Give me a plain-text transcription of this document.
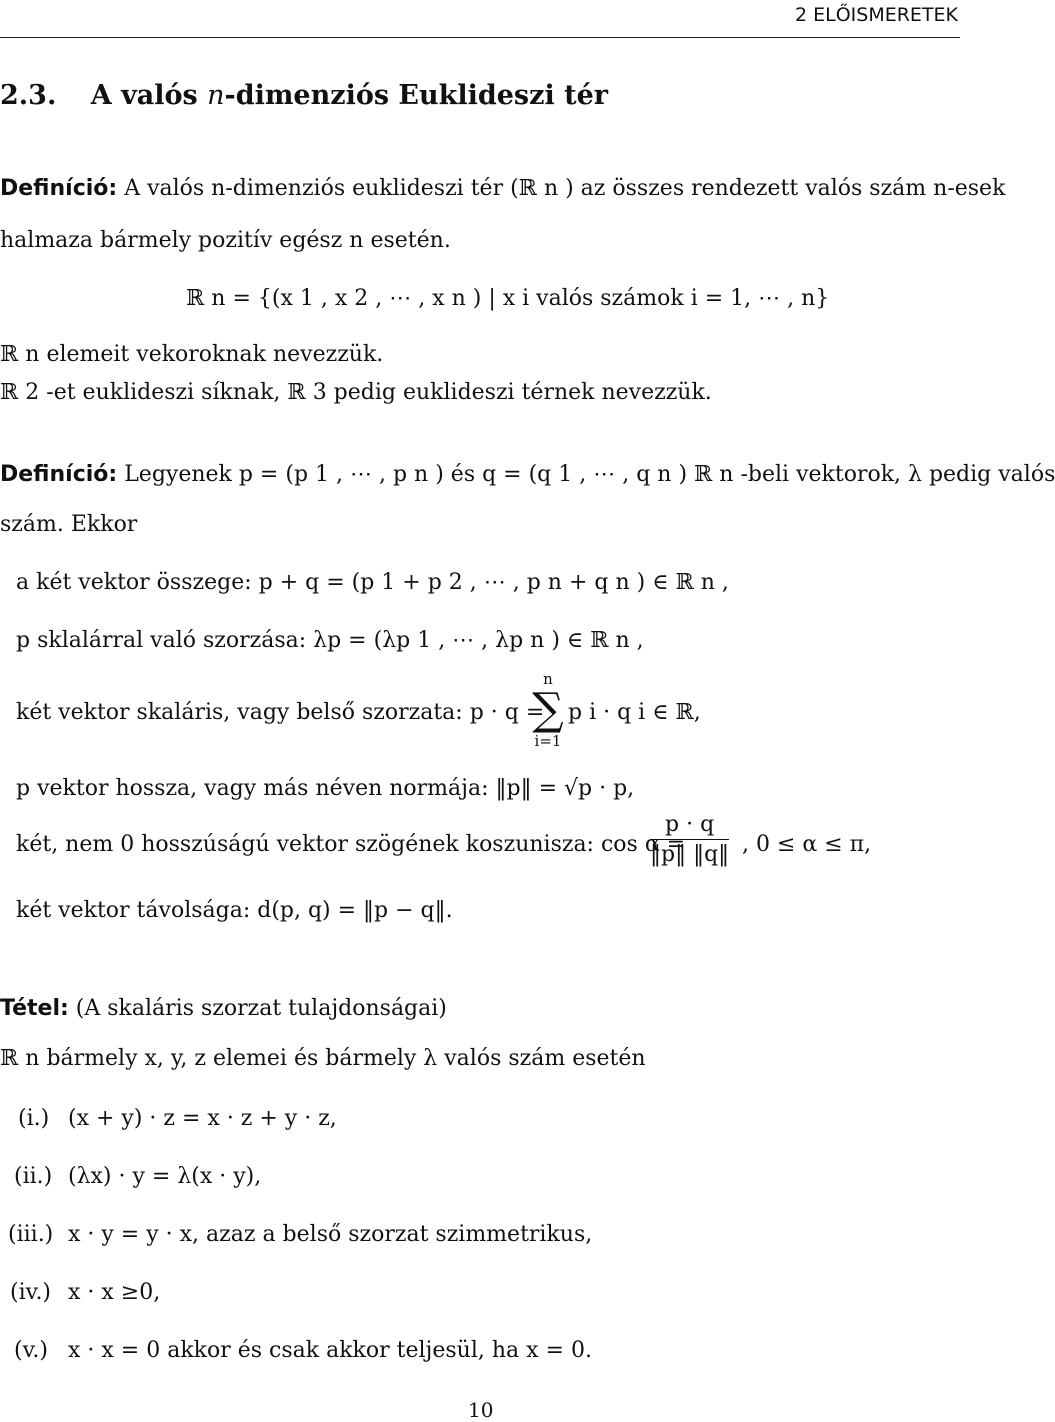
2 ELŐISMERETEK
2.3. A valós n-dimenziós Euklideszi tér
Definíció: A valós n-dimenziós euklideszi tér (ℝ n ) az összes rendezett valós szám n-esek
halmaza bármely pozitív egész n esetén.
ℝ n = {(x 1 , x 2 , ⋯ , x n ) | x i valós számok i = 1, ⋯ , n}
ℝ n elemeit vekoroknak nevezzük.
ℝ 2 -et euklideszi síknak, ℝ 3 pedig euklideszi térnek nevezzük.
Definíció: Legyenek p = (p 1 , ⋯ , p n ) és q = (q 1 , ⋯ , q n ) ℝ n -beli vektorok, λ pedig valós
szám. Ekkor
a két vektor összege: p + q = (p 1 + p 2 , ⋯ , p n + q n ) ∈ ℝ n ,
p sklalárral való szorzása: λp = (λp 1 , ⋯ , λp n ) ∈ ℝ n ,
két vektor skaláris, vagy belső szorzata: p · q =
n
∑
i=1
p i · q i ∈ ℝ,
p vektor hossza, vagy más néven normája: ‖p‖ = √p · p,
két, nem 0 hosszúságú vektor szögének koszunisza: cos α =
$\frac{p \cdot q}{‖p‖ ‖q‖}$ , 0 ≤ α ≤ π,
két vektor távolsága: d(p, q) = ‖p − q‖.
Tétel: (A skaláris szorzat tulajdonságai)
ℝ n bármely x, y, z elemei és bármely λ valós szám esetén
(i.) (x + y) · z = x · z + y · z,
(ii.) (λx) · y = λ(x · y),
(iii.) x · y = y · x, azaz a belső szorzat szimmetrikus,
(iv.) x · x ≥0,
(v.) x · x = 0 akkor és csak akkor teljesül, ha x = 0.
10
